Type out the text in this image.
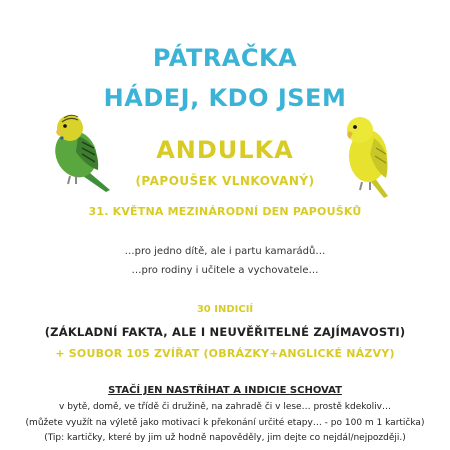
PÁTRAČKA
HÁDEJ, KDO JSEM
ANDULKA
(PAPOUŠEK VLNKOVANÝ)
31. KVĚTNA MEZINÁRODNÍ DEN PAPOUŠKŮ
…pro jedno dítě, ale i partu kamarádů…
…pro rodiny i učitele a vychovatele…
30 INDICIÍ
(ZÁKLADNÍ FAKTA, ALE I NEUVĚŘITELNÉ ZAJÍMAVOSTI)
+ SOUBOR 105 ZVÍŘAT (OBRÁZKY+ANGLICKÉ NÁZVY)
STAČÍ JEN NASTŘÍHAT A INDICIE SCHOVAT
v bytě, domě, ve třídě či družině, na zahradě či v lese… prostě kdekoliv…
(můžete využít na výletě jako motivaci k překonání určité etapy… - po 100 m 1 kartička)
(Tip: kartičky, které by jim už hodně napověděly, jim dejte co nejdál/nejpozději.)
